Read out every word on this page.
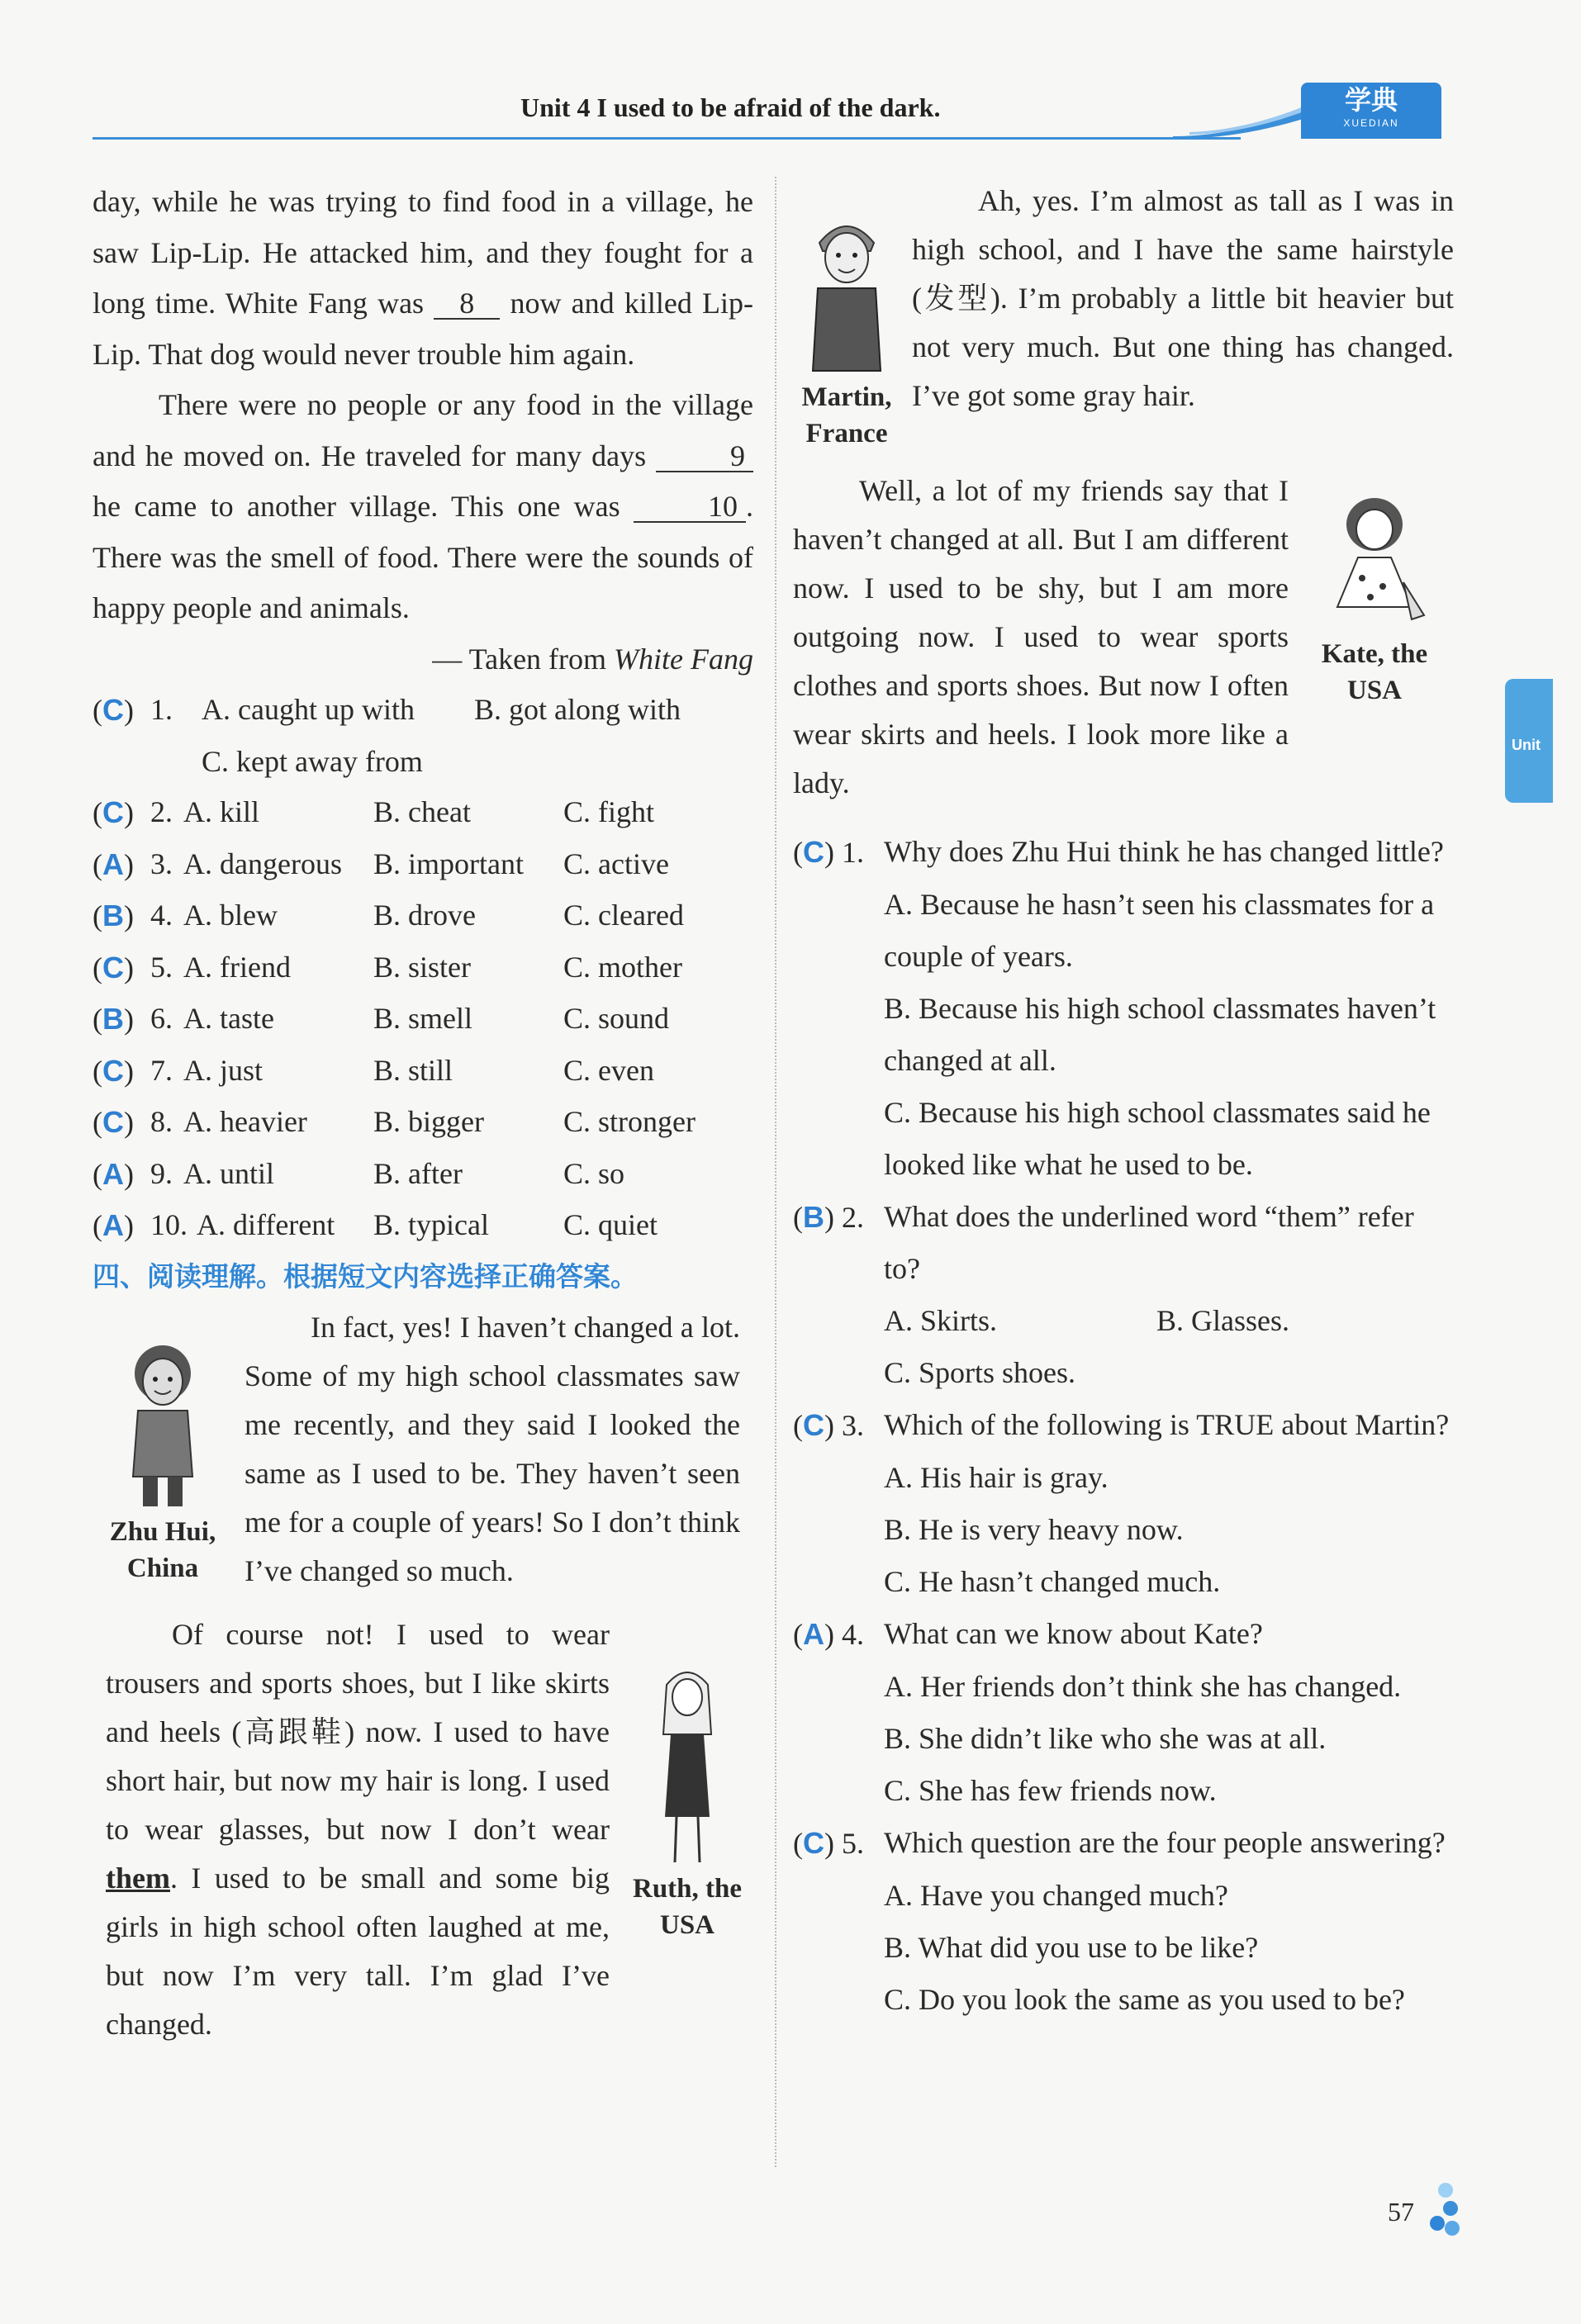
Unit 4 I used to be afraid of the dark.	学典
XUEDIAN
Unit

day, while he was trying to find food in a village, he saw Lip-Lip. He attacked him, and they fought for a long time. White Fang was 8 now and killed Lip-Lip. That dog would never trouble him again.

There were no people or any food in the village and he moved on. He traveled for many days	9 he came to another village. This one was	10 . There was the smell of food. There were the sounds of happy people and animals.

— Taken from White Fang

(C) 1. A. caught up with	B. got along with
C. kept away from
(C) 2. A. kill	B. cheat	C. fight
(A) 3. A. dangerous	B. important	C. active
(B) 4. A. blew	B. drove	C. cleared
(C) 5. A. friend	B. sister	C. mother
(B) 6. A. taste	B. smell	C. sound
(C) 7. A. just	B. still	C. even
(C) 8. A. heavier	B. bigger	C. stronger
(A) 9. A. until	B. after	C. so
(A) 10. A. different	B. typical	C. quiet
四、阅读理解。根据短文内容选择正确答案。
Zhu Hui,
China
In fact, yes! I haven’t changed a lot. Some of my high school classmates saw me recently, and they said I looked the same as I used to be. They haven’t seen me for a couple of years! So I don’t think I’ve changed so much.
Of course not! I used to wear trousers and sports shoes, but I like skirts and heels (高跟鞋) now. I used to have short hair, but now my hair is long. I used to wear glasses, but now I don’t wear them. I used to be small and some big girls in high school often laughed at me, but now I’m very tall. I’m glad I’ve changed.
Ruth, the
USA
Martin,
France
Ah, yes. I’m almost as tall as I was in high school, and I have the same hairstyle (发型). I’m probably a little bit heavier but not very much. But one thing has changed. I’ve got some gray hair.
Well, a lot of my friends say that I haven’t changed at all. But I am different now. I used to be shy, but I am more outgoing now. I used to wear sports clothes and sports shoes. But now I often wear skirts and heels. I look more like a lady.
Kate, the
USA
(C) 1. Why does Zhu Hui think he has changed little?
A. Because he hasn’t seen his classmates for a couple of years.
B. Because his high school classmates haven’t changed at all.
C. Because his high school classmates said he looked like what he used to be.
(B) 2. What does the underlined word “them” refer to?
A. Skirts.	B. Glasses.
C. Sports shoes.
(C) 3. Which of the following is TRUE about Martin?
A. His hair is gray.
B. He is very heavy now.
C. He hasn’t changed much.
(A) 4. What can we know about Kate?
A. Her friends don’t think she has changed.
B. She didn’t like who she was at all.
C. She has few friends now.
(C) 5. Which question are the four people answering?
A. Have you changed much?
B. What did you use to be like?
C. Do you look the same as you used to be?
57
